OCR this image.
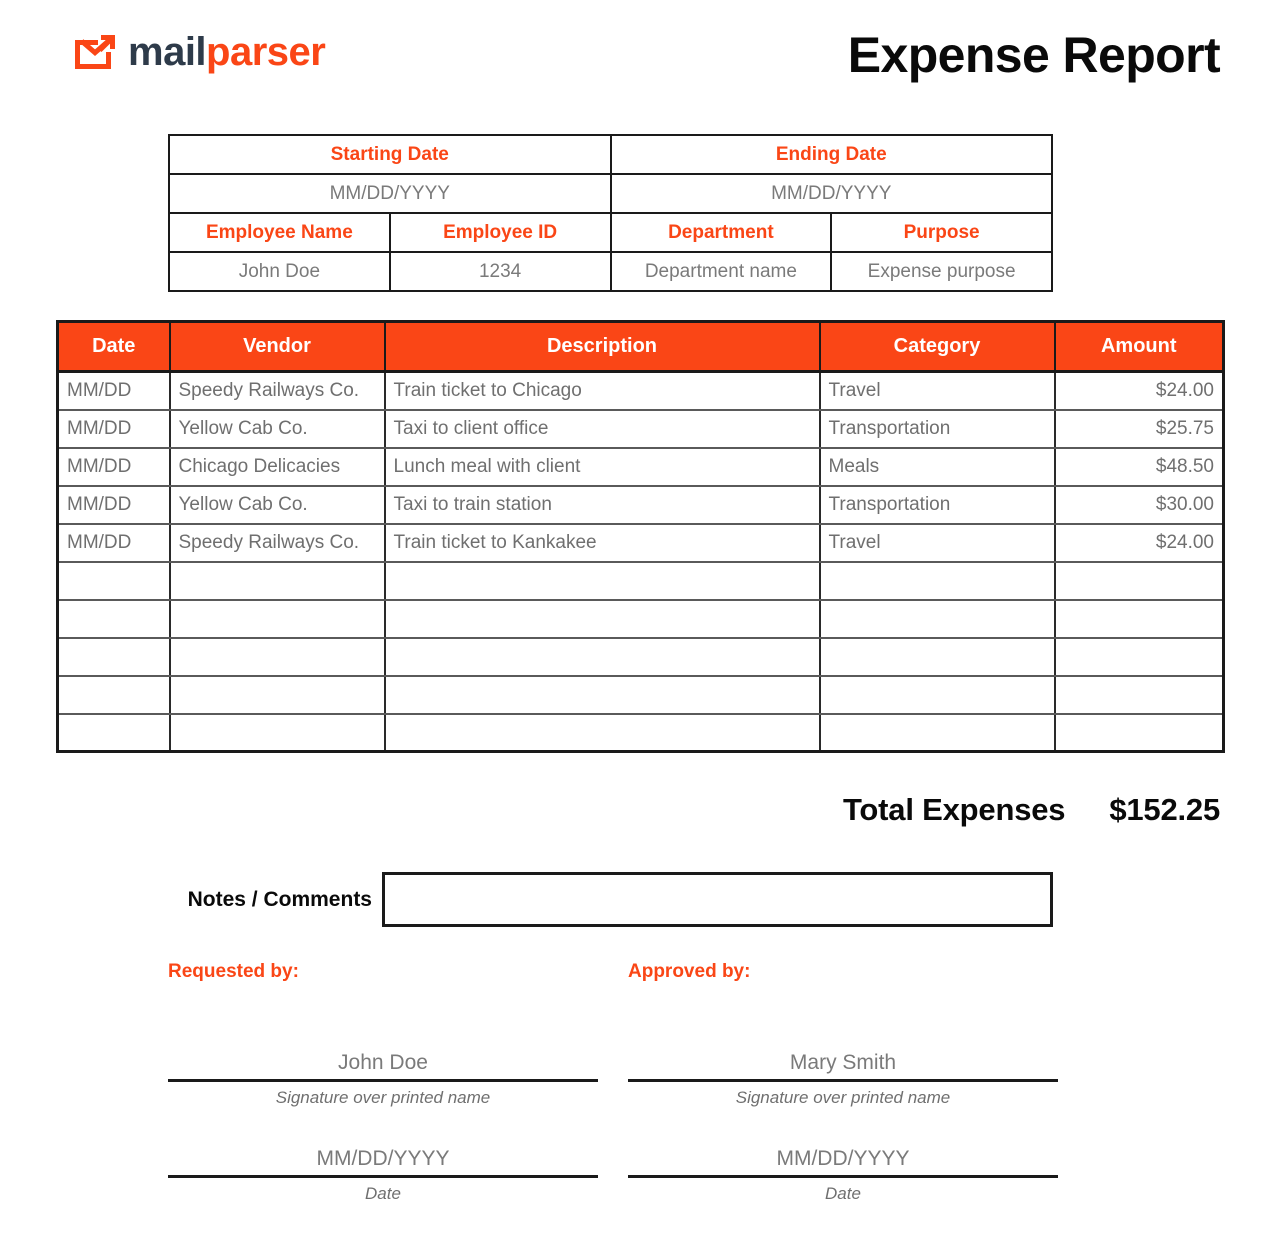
mailparser	Expense Report
Starting Date		Ending Date	
MM/DD/YYYY		MM/DD/YYYY	
Employee Name	Employee ID	Department	Purpose
John Doe	1234	Department name	Expense purpose
Date	Vendor	Description	Category	Amount
MM/DD	Speedy Railways Co.	Train ticket to Chicago	Travel	$24.00
MM/DD	Yellow Cab Co.	Taxi to client office	Transportation	$25.75
MM/DD	Chicago Delicacies	Lunch meal with client	Meals	$48.50
MM/DD	Yellow Cab Co.	Taxi to train station	Transportation	$30.00
MM/DD	Speedy Railways Co.	Train ticket to Kankakee	Travel	$24.00

Total Expenses $152.25
Notes / Comments
Requested by:
John Doe
Signature over printed name
MM/DD/YYYY
Date
Approved by:
Mary Smith
Signature over printed name
MM/DD/YYYY
Date
